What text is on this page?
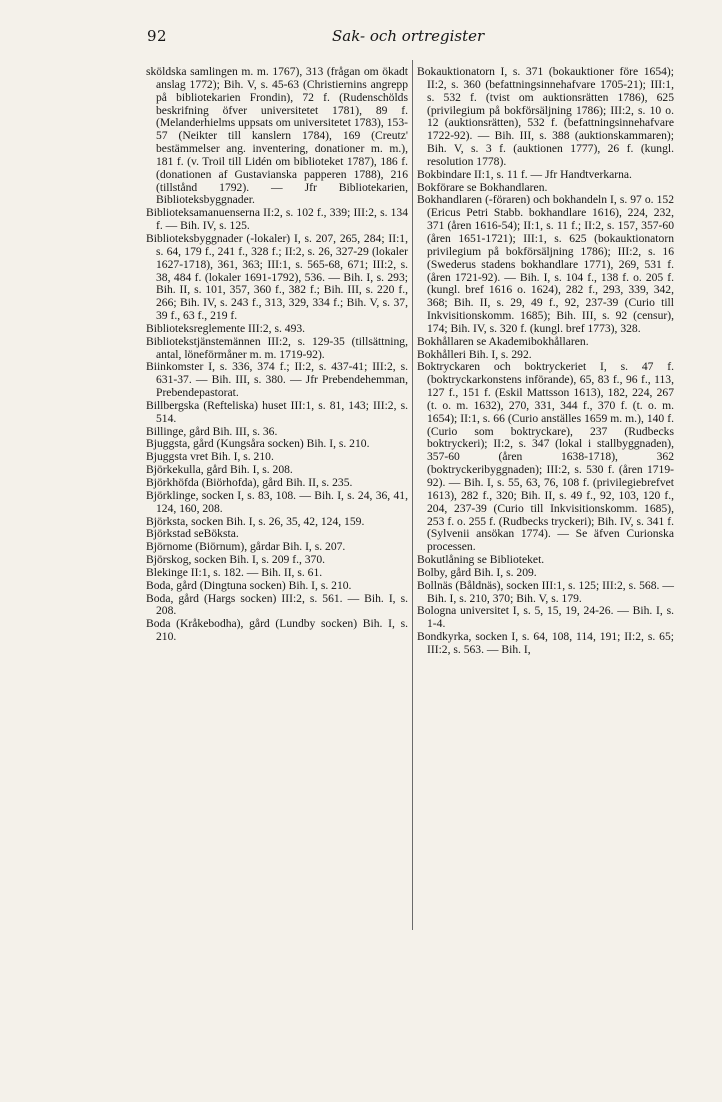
92	Sak- och ortregister

sköldska samlingen m. m. 1767), 313 (frågan om ökadt anslag 1772); Bih. V, s. 45-63 (Christiernins angrepp på bibliotekarien Frondin), 72 f. (Rudenschölds beskrifning öfver universitetet 1781), 89 f. (Melanderhielms uppsats om universitetet 1783), 153-57 (Neikter till kanslern 1784), 169 (Creutz' bestämmelser ang. inventering, donationer m. m.), 181 f. (v. Troil till Lidén om biblioteket 1787), 186 f. (donationen af Gustavianska papperen 1788), 216 (tillstånd 1792). — Jfr Bibliotekarien, Biblioteksbyggnader.

Biblioteksamanuenserna II:2, s. 102 f., 339; III:2, s. 134 f. — Bih. IV, s. 125.

Biblioteksbyggnader (-lokaler) I, s. 207, 265, 284; II:1, s. 64, 179 f., 241 f., 328 f.; II:2, s. 26, 327-29 (lokaler 1627-1718), 361, 363; III:1, s. 565-68, 671; III:2, s. 38, 484 f. (lokaler 1691-1792), 536. — Bih. I, s. 293; Bih. II, s. 101, 357, 360 f., 382 f.; Bih. III, s. 220 f., 266; Bih. IV, s. 243 f., 313, 329, 334 f.; Bih. V, s. 37, 39 f., 63 f., 219 f.

Biblioteksreglemente III:2, s. 493.

Bibliotekstjänstemännen III:2, s. 129-35 (tillsättning, antal, löneförmåner m. m. 1719-92).

Biinkomster I, s. 336, 374 f.; II:2, s. 437-41; III:2, s. 631-37. — Bih. III, s. 380. — Jfr Prebendehemman, Prebendepastorat.

Billbergska (Refteliska) huset III:1, s. 81, 143; III:2, s. 514.

Billinge, gård Bih. III, s. 36.

Bjuggsta, gård (Kungsåra socken) Bih. I, s. 210.

Bjuggsta vret Bih. I, s. 210.

Björkekulla, gård Bih. I, s. 208.

Björkhöfda (Biörhofda), gård Bih. II, s. 235.

Björklinge, socken I, s. 83, 108. — Bih. I, s. 24, 36, 41, 124, 160, 208.

Björksta, socken Bih. I, s. 26, 35, 42, 124, 159.

Björkstad seBöksta.

Björnome (Biörnum), gårdar Bih. I, s. 207.

Björskog, socken Bih. I, s. 209 f., 370.

Blekinge II:1, s. 182. — Bih. II, s. 61.

Boda, gård (Dingtuna socken) Bih. I, s. 210.

Boda, gård (Hargs socken) III:2, s. 561. — Bih. I, s. 208.

Boda (Kråkebodha), gård (Lundby socken) Bih. I, s. 210.

Bokauktionatorn I, s. 371 (bokauktioner före 1654); II:2, s. 360 (befattningsinnehafvare 1705-21); III:1, s. 532 f. (tvist om auktionsrätten 1786), 625 (privilegium på bokförsäljning 1786); III:2, s. 10 o. 12 (auktionsrätten), 532 f. (befattningsinnehafvare 1722-92). — Bih. III, s. 388 (auktionskammaren); Bih. V, s. 3 f. (auktionen 1777), 26 f. (kungl. resolution 1778).

Bokbindare II:1, s. 11 f. — Jfr Handtverkarna.

Bokförare se Bokhandlaren.

Bokhandlaren (-föraren) och bokhandeln I, s. 97 o. 152 (Ericus Petri Stabb. bokhandlare 1616), 224, 232, 371 (åren 1616-54); II:1, s. 11 f.; II:2, s. 157, 357-60 (åren 1651-1721); III:1, s. 625 (bokauktionatorn privilegium på bokförsäljning 1786); III:2, s. 16 (Swederus stadens bokhandlare 1771), 269, 531 f. (åren 1721-92). — Bih. I, s. 104 f., 138 f. o. 205 f. (kungl. bref 1616 o. 1624), 282 f., 293, 339, 342, 368; Bih. II, s. 29, 49 f., 92, 237-39 (Curio till Inkvisitionskomm. 1685); Bih. III, s. 92 (censur), 174; Bih. IV, s. 320 f. (kungl. bref 1773), 328.

Bokhållaren se Akademibokhållaren.

Bokhålleri Bih. I, s. 292.

Boktryckaren och boktryckeriet I, s. 47 f. (boktryckarkonstens införande), 65, 83 f., 96 f., 113, 127 f., 151 f. (Eskil Mattsson 1613), 182, 224, 267 (t. o. m. 1632), 270, 331, 344 f., 370 f. (t. o. m. 1654); II:1, s. 66 (Curio anställes 1659 m. m.), 140 f. (Curio som boktryckare), 237 (Rudbecks boktryckeri); II:2, s. 347 (lokal i stallbyggnaden), 357-60 (åren 1638-1718), 362 (boktryckeribyggnaden); III:2, s. 530 f. (åren 1719-92). — Bih. I, s. 55, 63, 76, 108 f. (privilegiebrefvet 1613), 282 f., 320; Bih. II, s. 49 f., 92, 103, 120 f., 204, 237-39 (Curio till Inkvisitionskomm. 1685), 253 f. o. 255 f. (Rudbecks tryckeri); Bih. IV, s. 341 f. (Sylvenii ansökan 1774). — Se äfven Curionska processen.

Bokutlåning se Biblioteket.

Bolby, gård Bih. I, s. 209.

Bollnäs (Båldnäs), socken III:1, s. 125; III:2, s. 568. — Bih. I, s. 210, 370; Bih. V, s. 179.

Bologna universitet I, s. 5, 15, 19, 24-26. — Bih. I, s. 1-4.

Bondkyrka, socken I, s. 64, 108, 114, 191; II:2, s. 65; III:2, s. 563. — Bih. I,
